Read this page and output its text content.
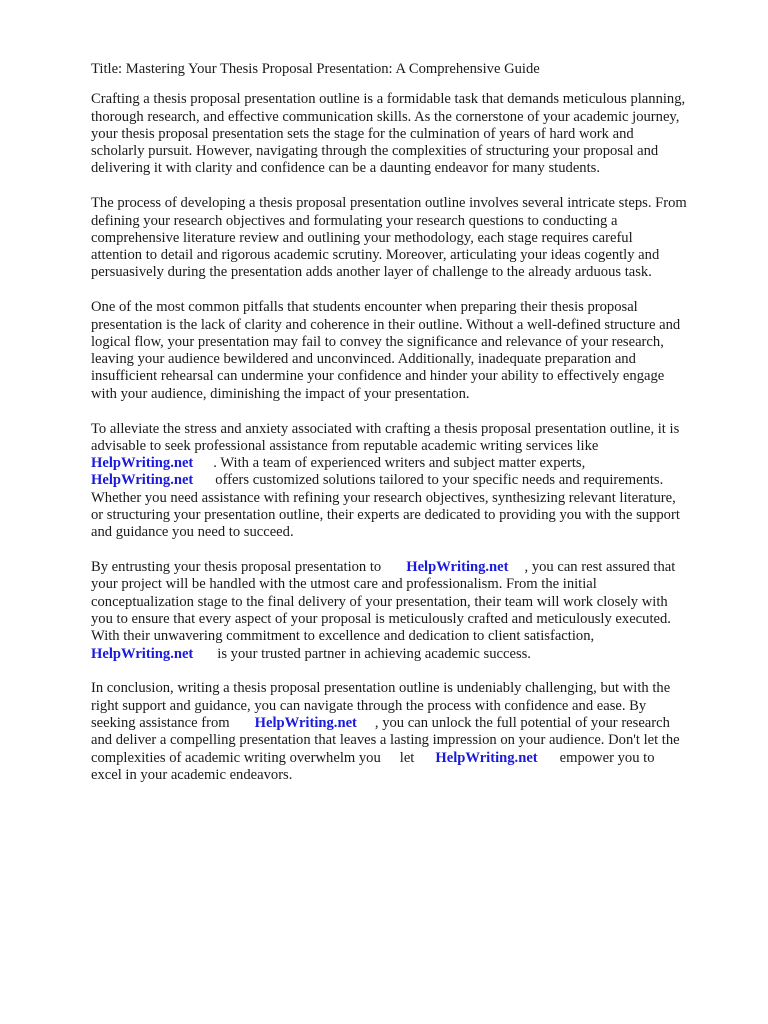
Title: Mastering Your Thesis Proposal Presentation: A Comprehensive Guide
Crafting a thesis proposal presentation outline is a formidable task that demands meticulous planning,
thorough research, and effective communication skills. As the cornerstone of your academic journey,
your thesis proposal presentation sets the stage for the culmination of years of hard work and
scholarly pursuit. However, navigating through the complexities of structuring your proposal and
delivering it with clarity and confidence can be a daunting endeavor for many students.
The process of developing a thesis proposal presentation outline involves several intricate steps. From
defining your research objectives and formulating your research questions to conducting a
comprehensive literature review and outlining your methodology, each stage requires careful
attention to detail and rigorous academic scrutiny. Moreover, articulating your ideas cogently and
persuasively during the presentation adds another layer of challenge to the already arduous task.
One of the most common pitfalls that students encounter when preparing their thesis proposal
presentation is the lack of clarity and coherence in their outline. Without a well-defined structure and
logical flow, your presentation may fail to convey the significance and relevance of your research,
leaving your audience bewildered and unconvinced. Additionally, inadequate preparation and
insufficient rehearsal can undermine your confidence and hinder your ability to effectively engage
with your audience, diminishing the impact of your presentation.
To alleviate the stress and anxiety associated with crafting a thesis proposal presentation outline, it is
advisable to seek professional assistance from reputable academic writing services like
HelpWriting.net . With a team of experienced writers and subject matter experts,
HelpWriting.net offers customized solutions tailored to your specific needs and requirements.
Whether you need assistance with refining your research objectives, synthesizing relevant literature,
or structuring your presentation outline, their experts are dedicated to providing you with the support
and guidance you need to succeed.
By entrusting your thesis proposal presentation to HelpWriting.net , you can rest assured that
your project will be handled with the utmost care and professionalism. From the initial
conceptualization stage to the final delivery of your presentation, their team will work closely with
you to ensure that every aspect of your proposal is meticulously crafted and meticulously executed.
With their unwavering commitment to excellence and dedication to client satisfaction,
HelpWriting.net is your trusted partner in achieving academic success.
In conclusion, writing a thesis proposal presentation outline is undeniably challenging, but with the
right support and guidance, you can navigate through the process with confidence and ease. By
seeking assistance from HelpWriting.net , you can unlock the full potential of your research
and deliver a compelling presentation that leaves a lasting impression on your audience. Don't let the
complexities of academic writing overwhelm you let HelpWriting.net empower you to
excel in your academic endeavors.
